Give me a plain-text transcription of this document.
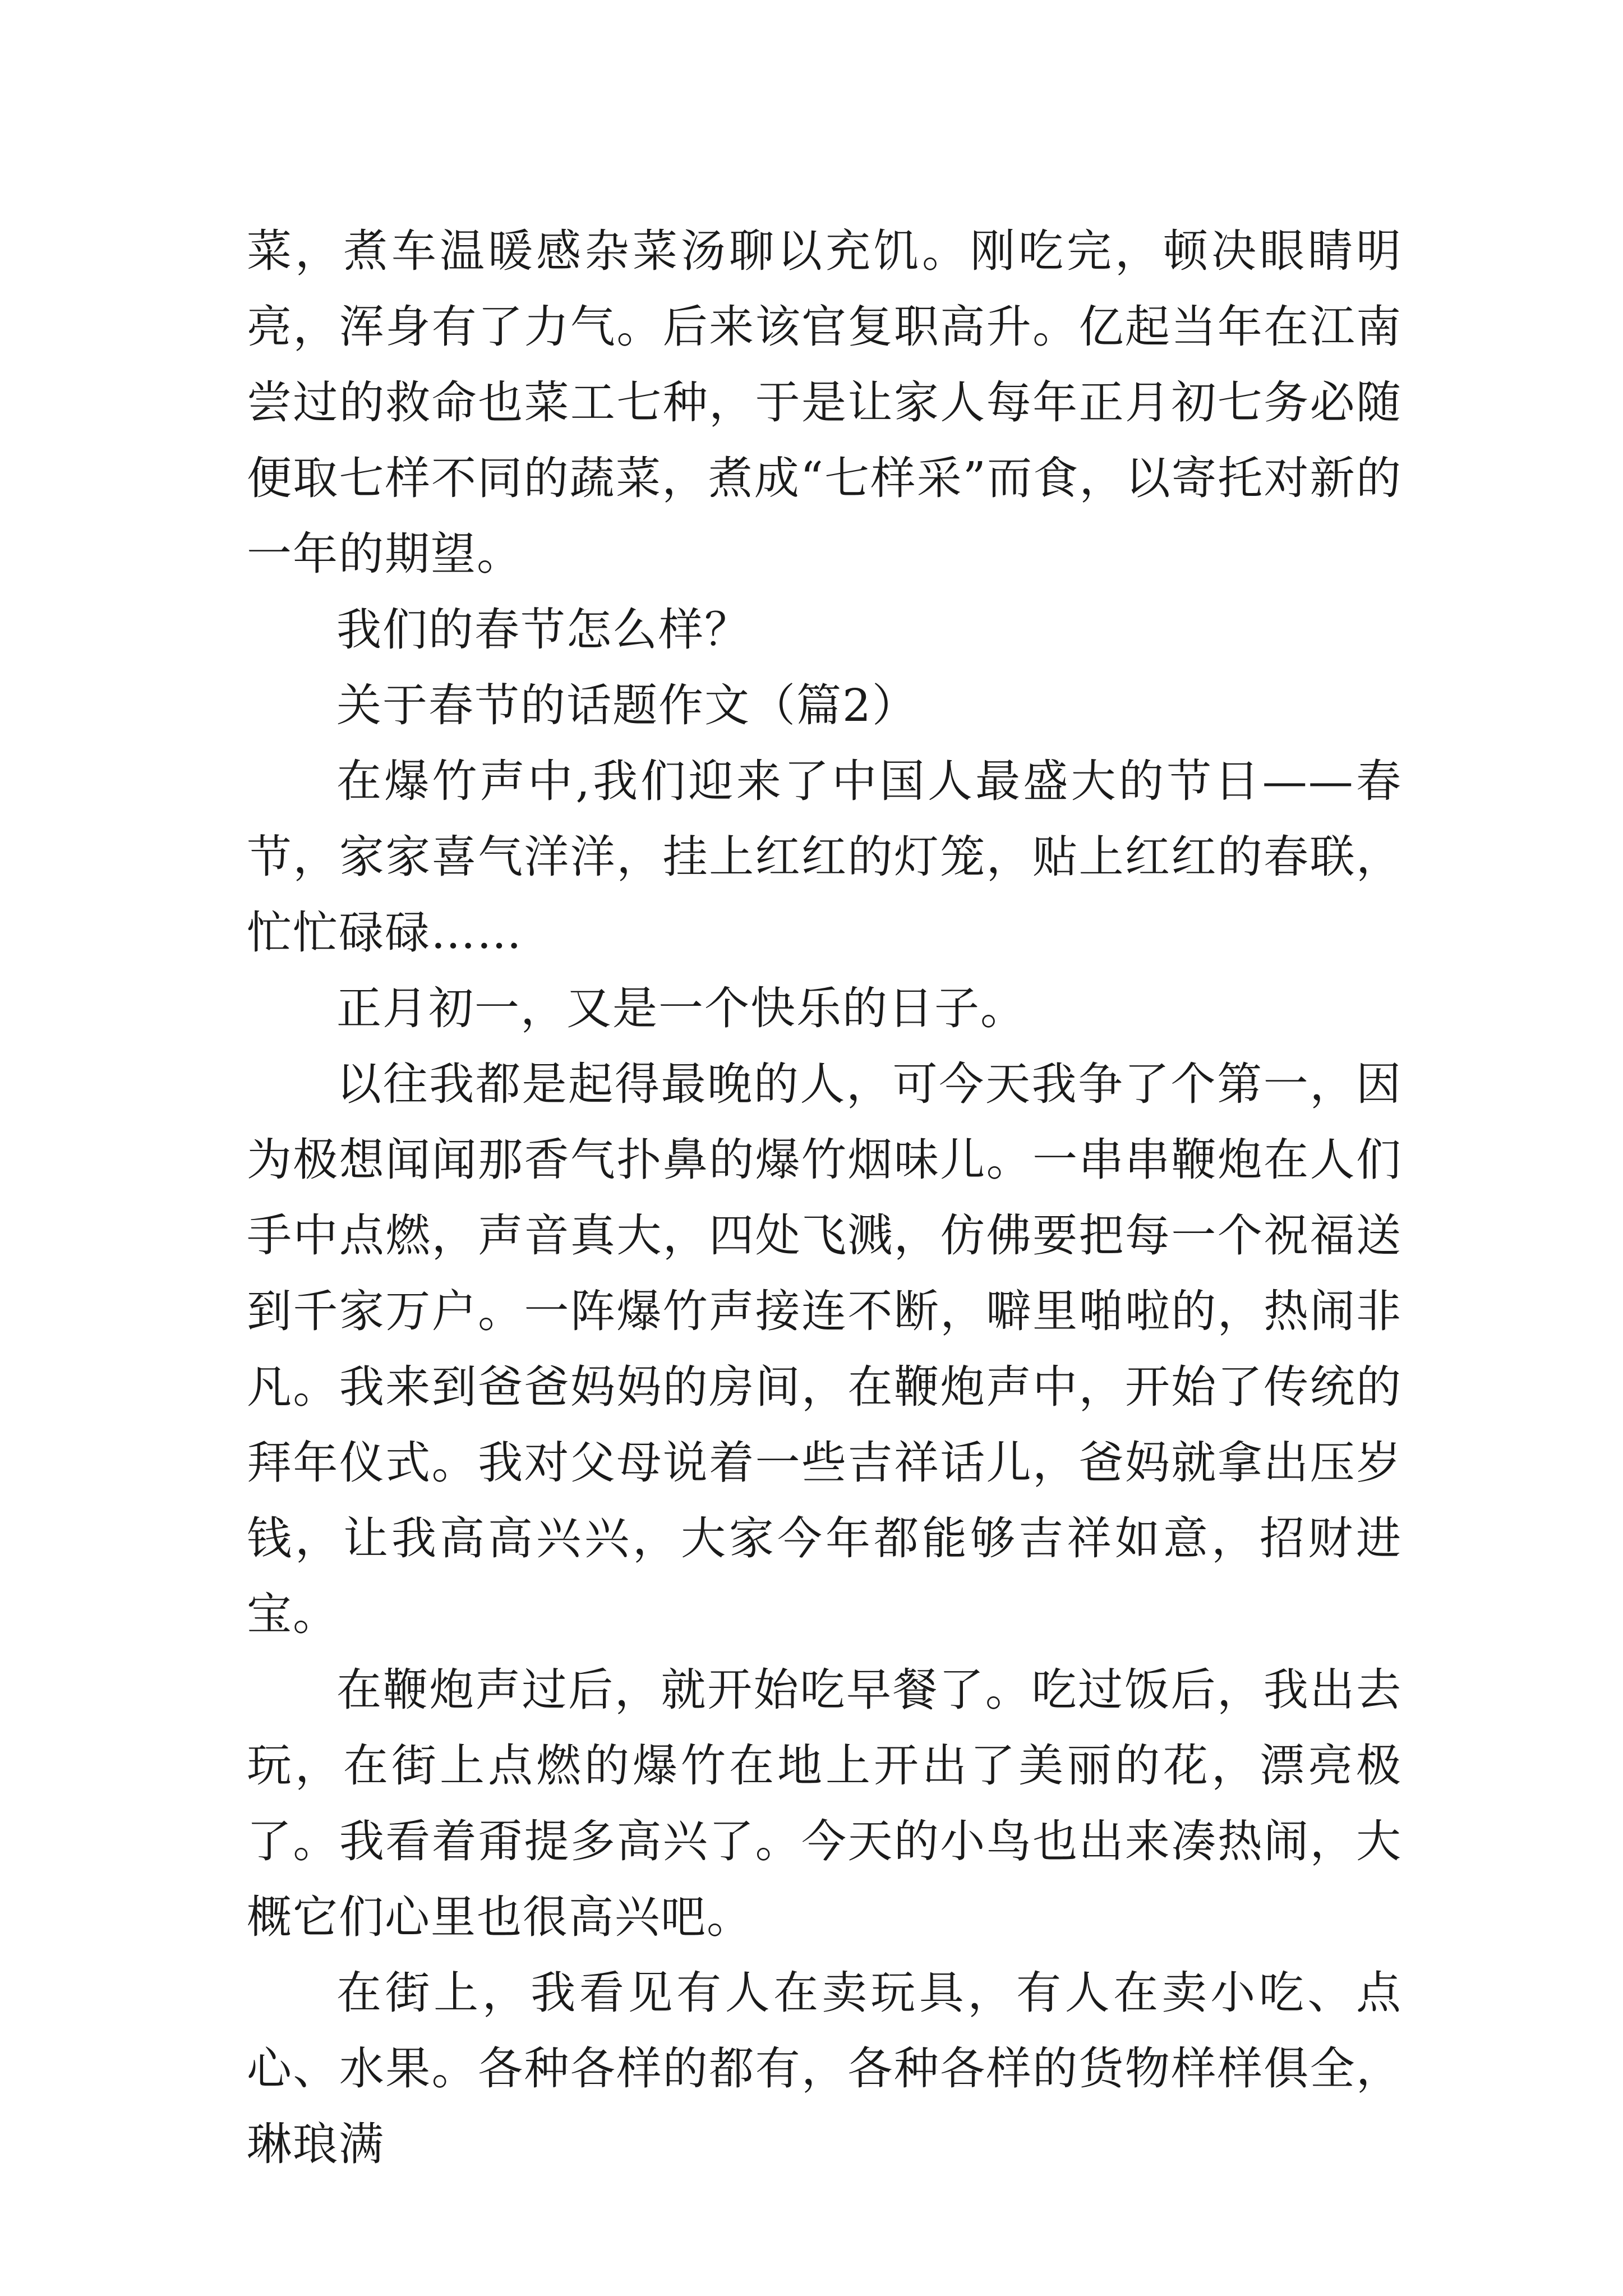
菜，煮车温暖感杂菜汤聊以充饥。刚吃完，顿决眼睛明亮，浑身有了力气。后来该官复职高升。亿起当年在江南尝过的救命也菜工七种，于是让家人每年正月初七务必随便取七样不同的蔬菜，煮成“七样采”而食，以寄托对新的一年的期望。

我们的春节怎么样？

关于春节的话题作文（篇2）

在爆竹声中,我们迎来了中国人最盛大的节日——春节，家家喜气洋洋，挂上红红的灯笼，贴上红红的春联，忙忙碌碌……

正月初一，又是一个快乐的日子。

以往我都是起得最晚的人，可今天我争了个第一，因为极想闻闻那香气扑鼻的爆竹烟味儿。一串串鞭炮在人们手中点燃，声音真大，四处飞溅，仿佛要把每一个祝福送到千家万户。一阵爆竹声接连不断，噼里啪啦的，热闹非凡。我来到爸爸妈妈的房间，在鞭炮声中，开始了传统的拜年仪式。我对父母说着一些吉祥话儿，爸妈就拿出压岁钱，让我高高兴兴，大家今年都能够吉祥如意，招财进宝。

在鞭炮声过后，就开始吃早餐了。吃过饭后，我出去玩，在街上点燃的爆竹在地上开出了美丽的花，漂亮极了。我看着甭提多高兴了。今天的小鸟也出来凑热闹，大概它们心里也很高兴吧。

在街上，我看见有人在卖玩具，有人在卖小吃、点心、水果。各种各样的都有，各种各样的货物样样俱全，琳琅满
